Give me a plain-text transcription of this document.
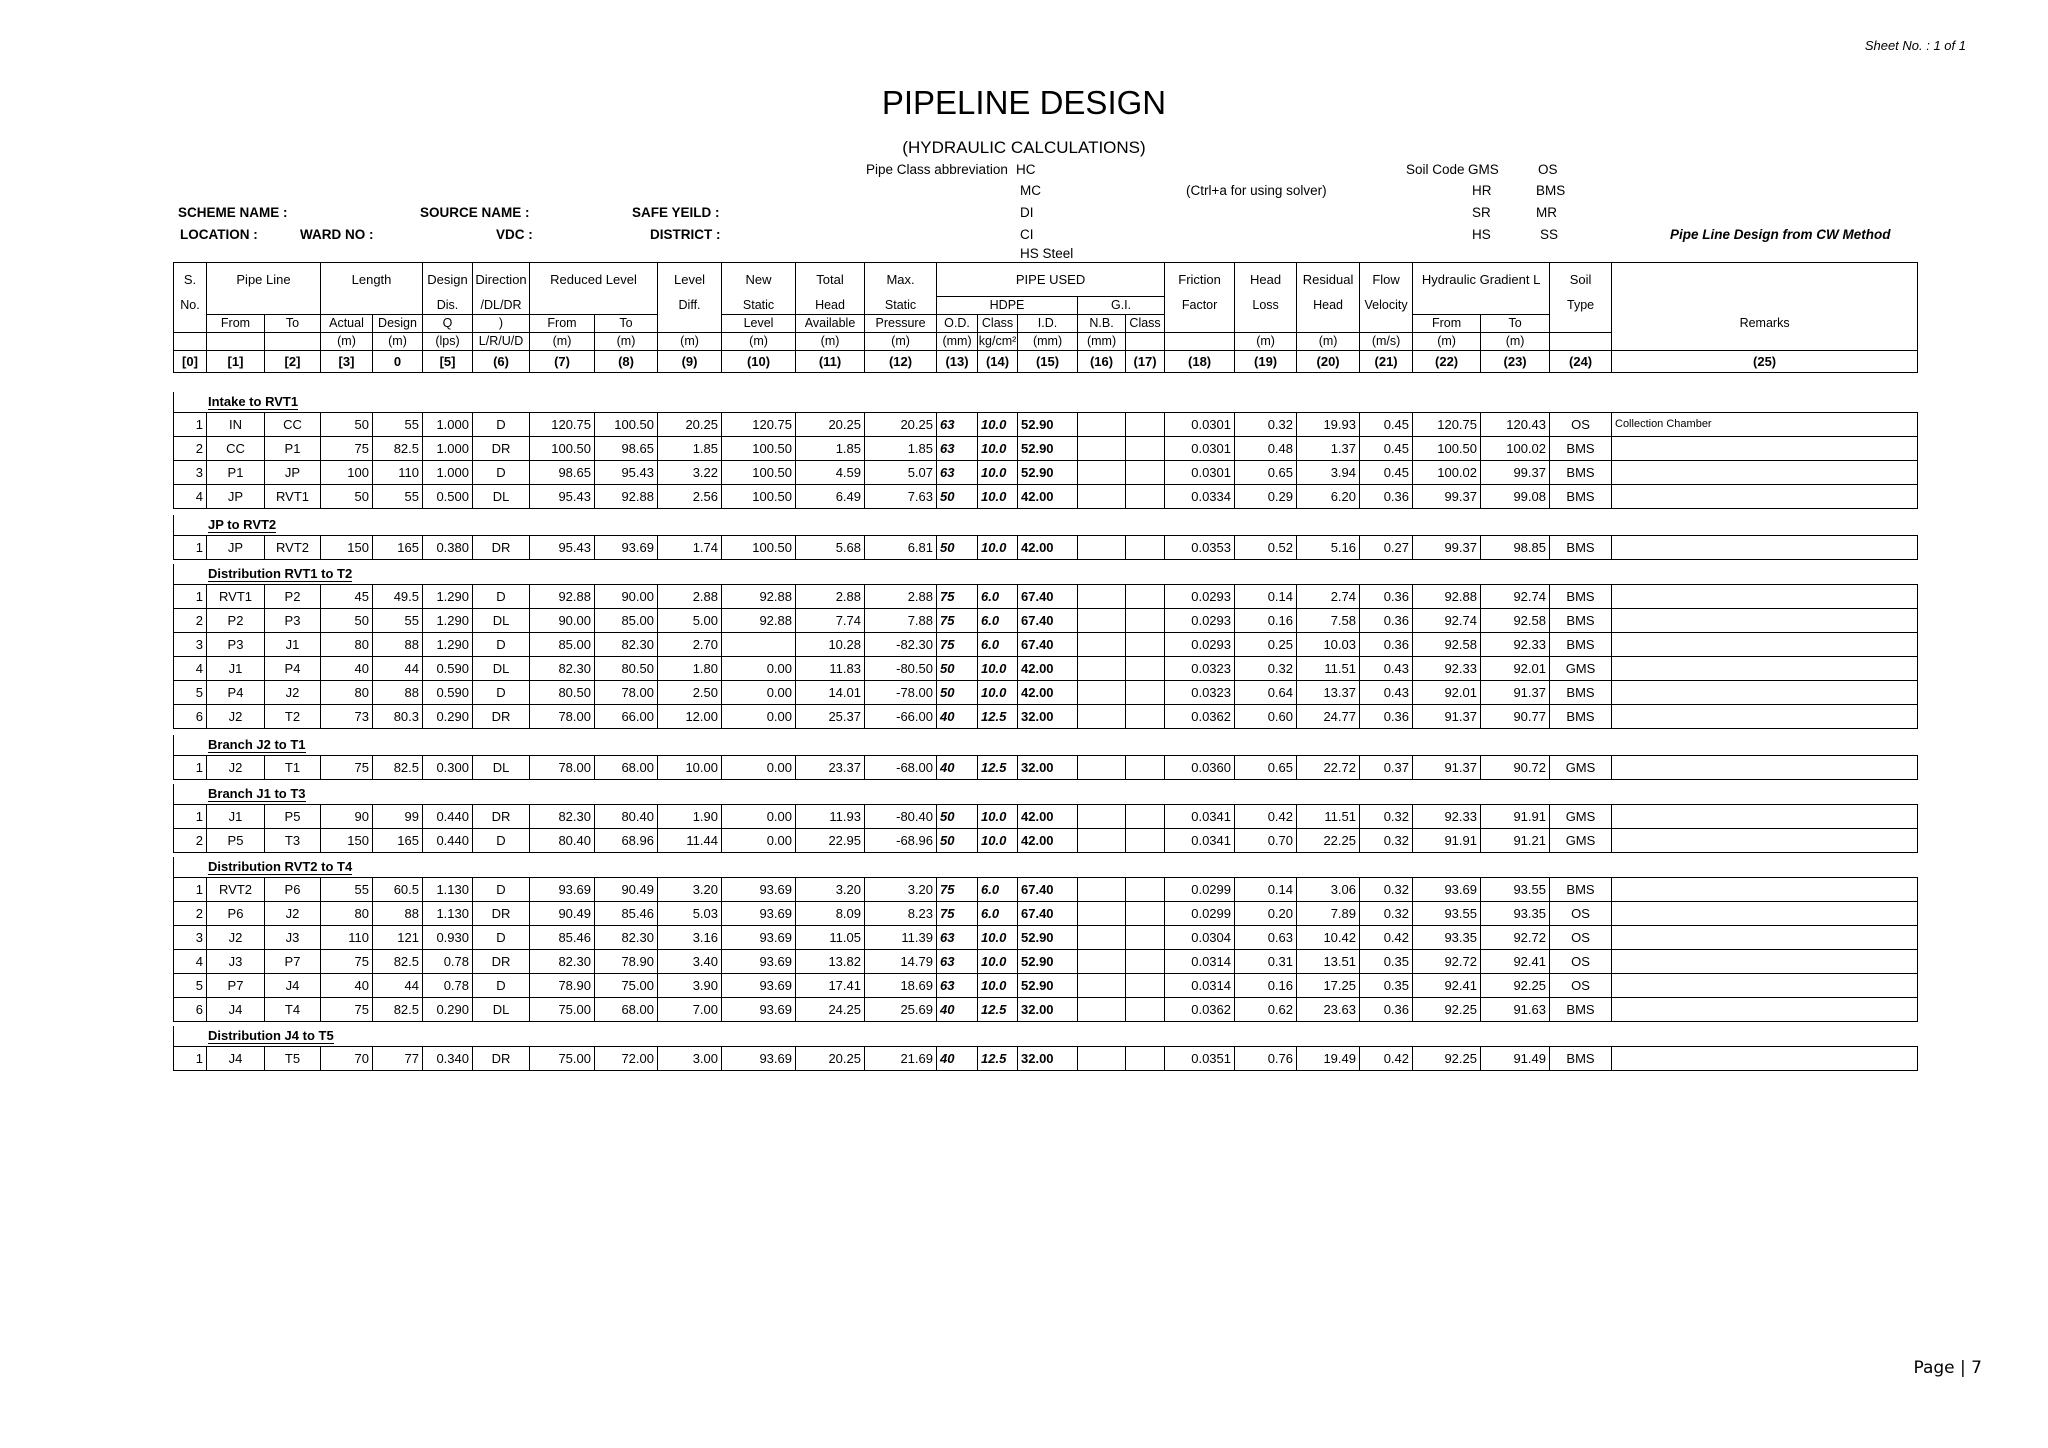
Sheet No. : 1 of 1
PIPELINE DESIGN
(HYDRAULIC CALCULATIONS)
Pipe Class abbreviation HC
MC
DI
CI
HS Steel
(Ctrl+a for using solver)
Soil Code GMS
HR
SR
HS
OS
BMS
MR
SS
SCHEME NAME :	SOURCE NAME :	SAFE YEILD :
LOCATION :	WARD NO :	VDC :	DISTRICT :	Pipe Line Design from CW Method
S.	Pipe Line		Length		Design	Direction	Reduced Level		Level	New	Total	Max.	PIPE USED					Friction	Head	Residual	Flow	Hydraulic Gradient L		Soil	
No.					Dis.	/DL/DR			Diff.	Static	Head	Static	HDPE			G.I.		Factor	Loss	Head	Velocity			Type	
	From	To	Actual	Design	Q	)	From	To		Level	Available	Pressure	O.D.	Class	I.D.	N.B.	Class					From	To		Remarks
			(m)	(m)	(lps)	L/R/U/D	(m)	(m)	(m)	(m)	(m)	(m)	(mm)	kg/cm²	(mm)	(mm)			(m)	(m)	(m/s)	(m)	(m)		
[0]	[1]	[2]	[3]	0	[5]	(6)	(7)	(8)	(9)	(10)	(11)	(12)	(13)	(14)	(15)	(16)	(17)	(18)	(19)	(20)	(21)	(22)	(23)	(24)	(25)
Intake to RVT1
1	IN	CC	50	55	1.000	D	120.75	100.50	20.25	120.75	20.25	20.25	63	10.0	52.90			0.0301	0.32	19.93	0.45	120.75	120.43	OS	Collection Chamber
2	CC	P1	75	82.5	1.000	DR	100.50	98.65	1.85	100.50	1.85	1.85	63	10.0	52.90			0.0301	0.48	1.37	0.45	100.50	100.02	BMS	
3	P1	JP	100	110	1.000	D	98.65	95.43	3.22	100.50	4.59	5.07	63	10.0	52.90			0.0301	0.65	3.94	0.45	100.02	99.37	BMS	
4	JP	RVT1	50	55	0.500	DL	95.43	92.88	2.56	100.50	6.49	7.63	50	10.0	42.00			0.0334	0.29	6.20	0.36	99.37	99.08	BMS	
JP to RVT2
1	JP	RVT2	150	165	0.380	DR	95.43	93.69	1.74	100.50	5.68	6.81	50	10.0	42.00			0.0353	0.52	5.16	0.27	99.37	98.85	BMS	
Distribution RVT1 to T2
1	RVT1	P2	45	49.5	1.290	D	92.88	90.00	2.88	92.88	2.88	2.88	75	6.0	67.40			0.0293	0.14	2.74	0.36	92.88	92.74	BMS	
2	P2	P3	50	55	1.290	DL	90.00	85.00	5.00	92.88	7.74	7.88	75	6.0	67.40			0.0293	0.16	7.58	0.36	92.74	92.58	BMS	
3	P3	J1	80	88	1.290	D	85.00	82.30	2.70		10.28	-82.30	75	6.0	67.40			0.0293	0.25	10.03	0.36	92.58	92.33	BMS	
4	J1	P4	40	44	0.590	DL	82.30	80.50	1.80	0.00	11.83	-80.50	50	10.0	42.00			0.0323	0.32	11.51	0.43	92.33	92.01	GMS	
5	P4	J2	80	88	0.590	D	80.50	78.00	2.50	0.00	14.01	-78.00	50	10.0	42.00			0.0323	0.64	13.37	0.43	92.01	91.37	BMS	
6	J2	T2	73	80.3	0.290	DR	78.00	66.00	12.00	0.00	25.37	-66.00	40	12.5	32.00			0.0362	0.60	24.77	0.36	91.37	90.77	BMS	
Branch J2 to T1
1	J2	T1	75	82.5	0.300	DL	78.00	68.00	10.00	0.00	23.37	-68.00	40	12.5	32.00			0.0360	0.65	22.72	0.37	91.37	90.72	GMS	
Branch J1 to T3
1	J1	P5	90	99	0.440	DR	82.30	80.40	1.90	0.00	11.93	-80.40	50	10.0	42.00			0.0341	0.42	11.51	0.32	92.33	91.91	GMS	
2	P5	T3	150	165	0.440	D	80.40	68.96	11.44	0.00	22.95	-68.96	50	10.0	42.00			0.0341	0.70	22.25	0.32	91.91	91.21	GMS	
Distribution RVT2 to T4
1	RVT2	P6	55	60.5	1.130	D	93.69	90.49	3.20	93.69	3.20	3.20	75	6.0	67.40			0.0299	0.14	3.06	0.32	93.69	93.55	BMS	
2	P6	J2	80	88	1.130	DR	90.49	85.46	5.03	93.69	8.09	8.23	75	6.0	67.40			0.0299	0.20	7.89	0.32	93.55	93.35	OS	
3	J2	J3	110	121	0.930	D	85.46	82.30	3.16	93.69	11.05	11.39	63	10.0	52.90			0.0304	0.63	10.42	0.42	93.35	92.72	OS	
4	J3	P7	75	82.5	0.78	DR	82.30	78.90	3.40	93.69	13.82	14.79	63	10.0	52.90			0.0314	0.31	13.51	0.35	92.72	92.41	OS	
5	P7	J4	40	44	0.78	D	78.90	75.00	3.90	93.69	17.41	18.69	63	10.0	52.90			0.0314	0.16	17.25	0.35	92.41	92.25	OS	
6	J4	T4	75	82.5	0.290	DL	75.00	68.00	7.00	93.69	24.25	25.69	40	12.5	32.00			0.0362	0.62	23.63	0.36	92.25	91.63	BMS	
Distribution J4 to T5
1	J4	T5	70	77	0.340	DR	75.00	72.00	3.00	93.69	20.25	21.69	40	12.5	32.00			0.0351	0.76	19.49	0.42	92.25	91.49	BMS	
Page | 7
